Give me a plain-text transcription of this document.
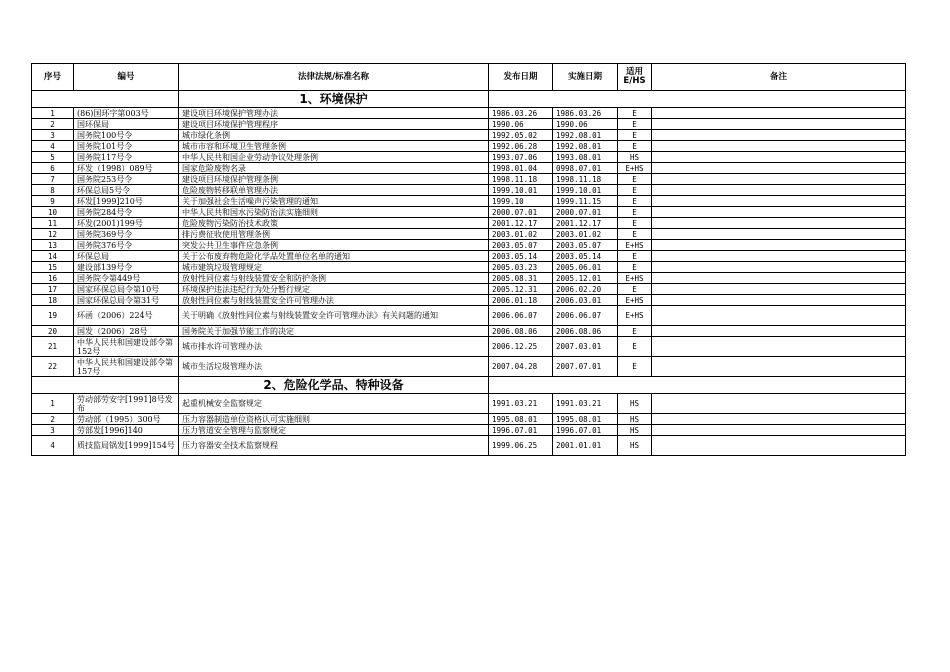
序号	编号	法律法规/标准名称	发布日期	实施日期	适用E/HS	备注
		1、环境保护				
1	(86)国环字第003号	建设项目环境保护管理办法	1986.03.26	1986.03.26	E	
2	国环保局	建设项目环境保护管理程序	1990.06	1990.06	E	
3	国务院100号令	城市绿化条例	1992.05.02	1992.08.01	E	
4	国务院101号令	城市市容和环境卫生管理条例	1992.06.28	1992.08.01	E	
5	国务院117号令	中华人民共和国企业劳动争议处理条例	1993.07.06	1993.08.01	HS	
6	环发（1998）089号	国家危险废物名录	1998.01.04	0998.07.01	E+HS	
7	国务院253号令	建设项目环境保护管理条例	1998.11.18	1998.11.18	E	
8	环保总局5号令	危险废物转移联单管理办法	1999.10.01	1999.10.01	E	
9	环发[1999]210号	关于加强社会生活噪声污染管理的通知	1999.10	1999.11.15	E	
10	国务院284号令	中华人民共和国水污染防治法实施细则	2000.07.01	2000.07.01	E	
11	环发(2001)199号	危险废物污染防治技术政策	2001.12.17	2001.12.17	E	
12	国务院369号令	排污费征收使用管理条例	2003.01.02	2003.01.02	E	
13	国务院376号令	突发公共卫生事件应急条例	2003.05.07	2003.05.07	E+HS	
14	环保总局	关于公布废弃物危险化学品处置单位名单的通知	2003.05.14	2003.05.14	E	
15	建设部139号令	城市建筑垃圾管理规定	2005.03.23	2005.06.01	E	
16	国务院令第449号	放射性同位素与射线装置安全和防护条例	2005.08.31	2005.12.01	E+HS	
17	国家环保总局令第10号	环境保护违法违纪行为处分暂行规定	2005.12.31	2006.02.20	E	
18	国家环保总局令第31号	放射性同位素与射线装置安全许可管理办法	2006.01.18	2006.03.01	E+HS	
19	环函（2006）224号	关于明确《放射性同位素与射线装置安全许可管理办法》有关问题的通知	2006.06.07	2006.06.07	E+HS	
20	国发（2006）28号	国务院关于加强节能工作的决定	2006.08.06	2006.08.06	E	
21	中华人民共和国建设部令第152号	城市排水许可管理办法	2006.12.25	2007.03.01	E	
22	中华人民共和国建设部令第157号	城市生活垃圾管理办法	2007.04.28	2007.07.01	E	
		2、危险化学品、特种设备				
1	劳动部劳安字[1991]8号发布	起重机械安全监察规定	1991.03.21	1991.03.21	HS	
2	劳动部（1995）300号	压力容器制造单位资格认可实施细则	1995.08.01	1995.08.01	HS	
3	劳部发[1996]140	压力管道安全管理与监察规定	1996.07.01	1996.07.01	HS	
4	质技监局锅发[1999]154号	压力容器安全技术监察规程	1999.06.25	2001.01.01	HS	
